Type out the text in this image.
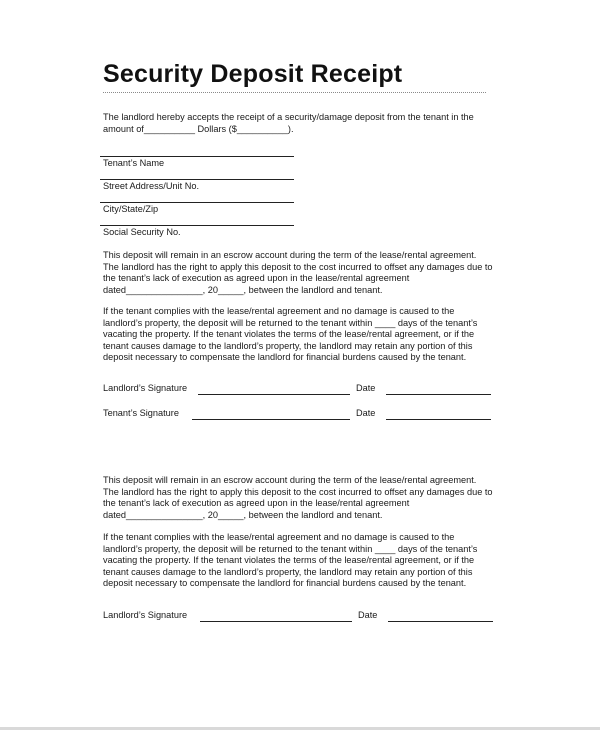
Security Deposit Receipt

The landlord hereby accepts the receipt of a security/damage deposit from the tenant in the

amount of__________ Dollars ($__________).

Tenant’s Name
Street Address/Unit No.
City/State/Zip
Social Security No.

This deposit will remain in an escrow account during the term of the lease/rental agreement.

The landlord has the right to apply this deposit to the cost incurred to offset any damages due to

the tenant’s lack of execution as agreed upon in the lease/rental agreement

dated_______________, 20_____, between the landlord and tenant.

If the tenant complies with the lease/rental agreement and no damage is caused to the

landlord’s property, the deposit will be returned to the tenant within ____ days of the tenant’s

vacating the property. If the tenant violates the terms of the lease/rental agreement, or if the

tenant causes damage to the landlord’s property, the landlord may retain any portion of this

deposit necessary to compensate the landlord for financial burdens caused by the tenant.

Landlord’s Signature	Date
Tenant’s Signature	Date

This deposit will remain in an escrow account during the term of the lease/rental agreement.

The landlord has the right to apply this deposit to the cost incurred to offset any damages due to

the tenant’s lack of execution as agreed upon in the lease/rental agreement

dated_______________, 20_____, between the landlord and tenant.

If the tenant complies with the lease/rental agreement and no damage is caused to the

landlord’s property, the deposit will be returned to the tenant within ____ days of the tenant’s

vacating the property. If the tenant violates the terms of the lease/rental agreement, or if the

tenant causes damage to the landlord’s property, the landlord may retain any portion of this

deposit necessary to compensate the landlord for financial burdens caused by the tenant.

Landlord’s Signature	Date
